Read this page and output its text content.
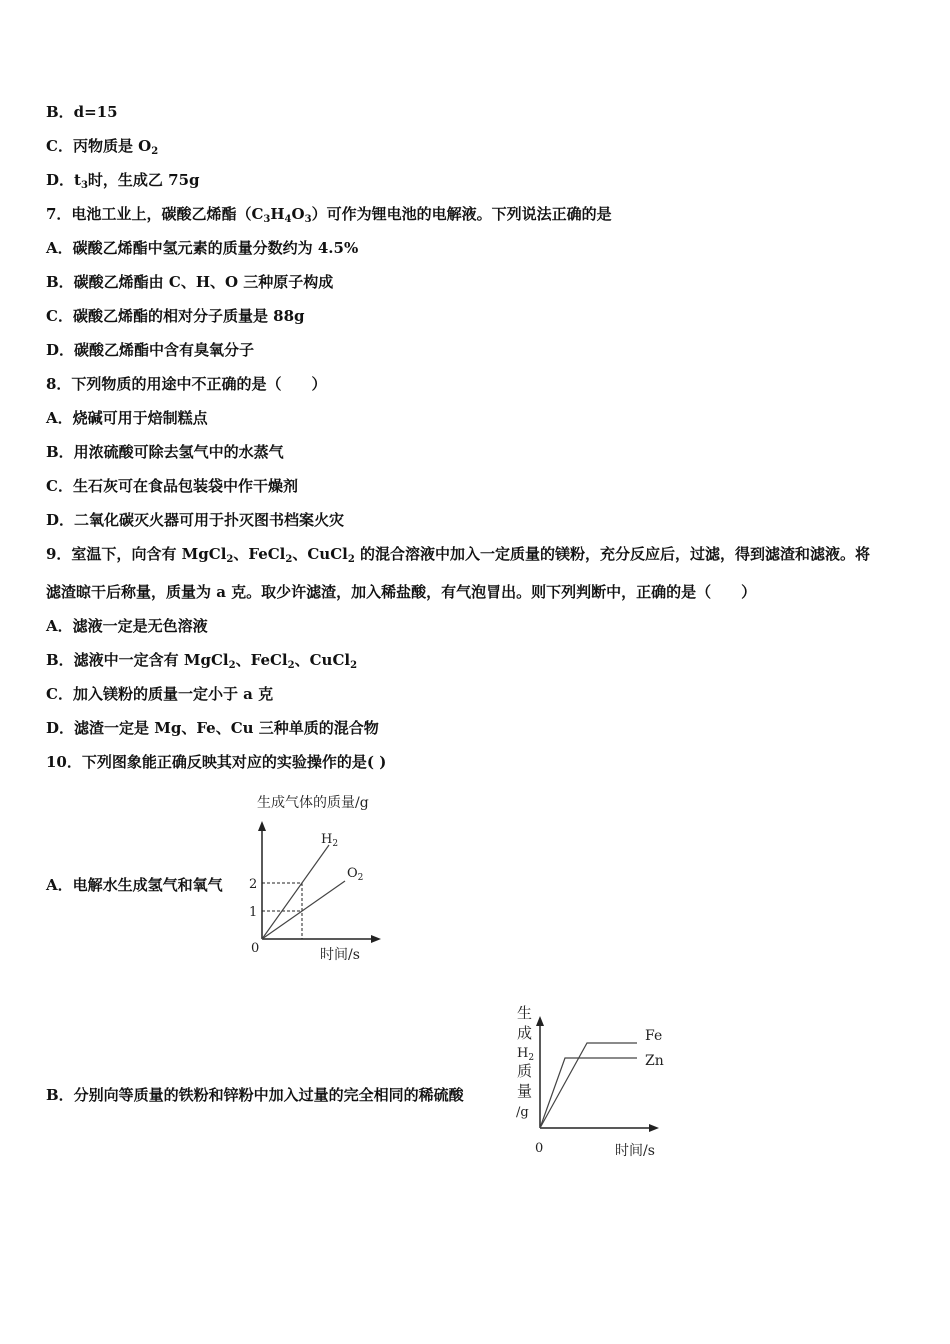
B．d=15
C．丙物质是 $O_2$
D．$t_3$时，生成乙 75g
7．电池工业上，碳酸乙烯酯$(C_3H_4O_3)$可作为锂电池的电解液。下列说法正确的是
A．碳酸乙烯酯中氢元素的质量分数约为 4.5%
B．碳酸乙烯酯由 C、H、O 三种原子构成
C．碳酸乙烯酯的相对分子质量是 88g
D．碳酸乙烯酯中含有臭氧分子
8．下列物质的用途中不正确的是（　　）
A．烧碱可用于焙制糕点
B．用浓硫酸可除去氢气中的水蒸气
C．生石灰可在食品包装袋中作干燥剂
D．二氧化碳灭火器可用于扑灭图书档案火灾
9．室温下，向含有 MgCl$_2$、FeCl$_2$、CuCl$_2$ 的混合溶液中加入一定质量的镁粉，充分反应后，过滤，得到滤渣和滤液。将
滤渣晾干后称量，质量为 a 克。取少许滤渣，加入稀盐酸，有气泡冒出。则下列判断中，正确的是（　　）
A．滤液一定是无色溶液
B．滤液中一定含有 MgCl$_2$、FeCl$_2$、CuCl$_2$
C．加入镁粉的质量一定小于 a 克
D．滤渣一定是 Mg、Fe、Cu 三种单质的混合物
10．下列图象能正确反映其对应的实验操作的是( )
A．电解水生成氢气和氧气
生成气体的质量/g
$H_2$
$O_2$
2
1
0	时间/s
B．分别向等质量的铁粉和锌粉中加入过量的完全相同的稀硫酸
生
成
$H_2$
质
量
/g
Fe
Zn
0	时间/s
